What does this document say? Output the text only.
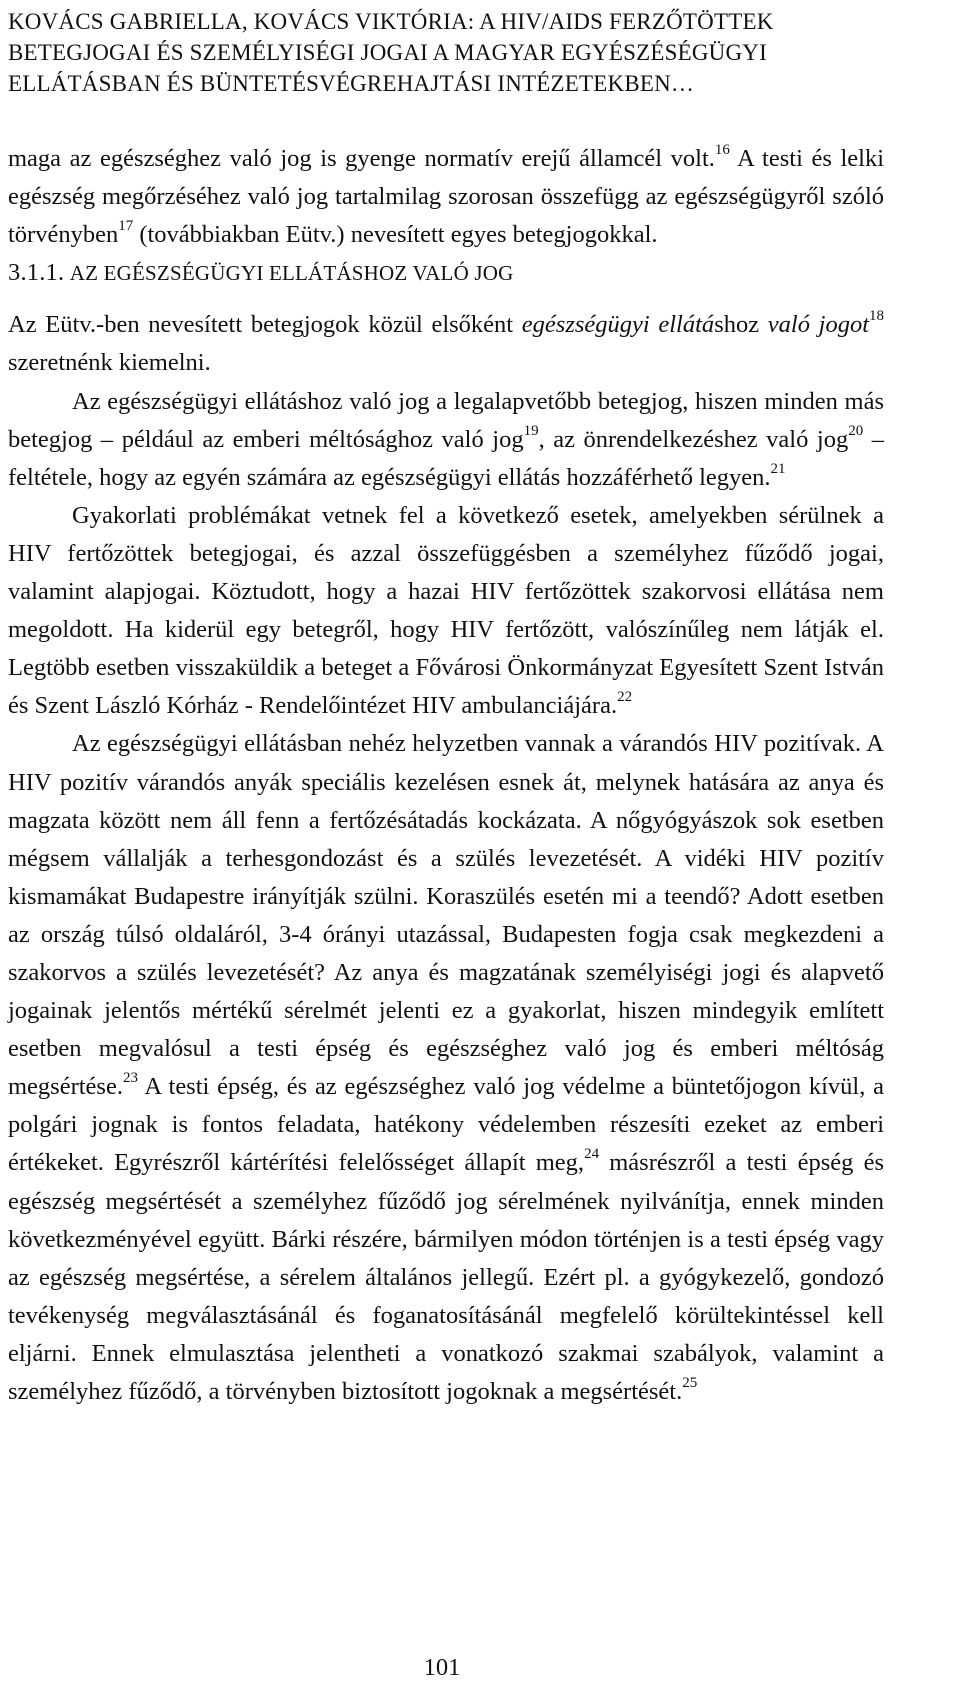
KOVÁCS GABRIELLA, KOVÁCS VIKTÓRIA: A HIV/AIDS FERZŐTÖTTEK
BETEGJOGAI ÉS SZEMÉLYISÉGI JOGAI A MAGYAR EGYÉSZÉSÉGÜGYI
ELLÁTÁSBAN ÉS BÜNTETÉSVÉGREHAJTÁSI INTÉZETEKBEN…

maga az egészséghez való jog is gyenge normatív erejű államcél volt.$^{16}$ A testi és lelki egészség megőrzéséhez való jog tartalmilag szorosan összefügg az egészségügyről szóló törvényben$^{17}$ (továbbiakban Eütv.) nevesített egyes betegjogokkal.

3.1.1. AZ EGÉSZSÉGÜGYI ELLÁTÁSHOZ VALÓ JOG

Az Eütv.-ben nevesített betegjogok közül elsőként egészségügyi ellátáshoz való jogot$^{18}$ szeretnénk kiemelni.

Az egészségügyi ellátáshoz való jog a legalapvetőbb betegjog, hiszen minden más betegjog – például az emberi méltósághoz való jog$^{19}$, az önrendelkezéshez való jog$^{20}$ – feltétele, hogy az egyén számára az egészségügyi ellátás hozzáférhető legyen.$^{21}$

Gyakorlati problémákat vetnek fel a következő esetek, amelyekben sérülnek a HIV fertőzöttek betegjogai, és azzal összefüggésben a személyhez fűződő jogai, valamint alapjogai. Köztudott, hogy a hazai HIV fertőzöttek szakorvosi ellátása nem megoldott. Ha kiderül egy betegről, hogy HIV fertőzött, valószínűleg nem látják el. Legtöbb esetben visszaküldik a beteget a Fővárosi Önkormányzat Egyesített Szent István és Szent László Kórház - Rendelőintézet HIV ambulanciájára.$^{22}$

Az egészségügyi ellátásban nehéz helyzetben vannak a várandós HIV pozitívak. A HIV pozitív várandós anyák speciális kezelésen esnek át, melynek hatására az anya és magzata között nem áll fenn a fertőzésátadás kockázata. A nőgyógyászok sok esetben mégsem vállalják a terhesgondozást és a szülés levezetését. A vidéki HIV pozitív kismamákat Budapestre irányítják szülni. Koraszülés esetén mi a teendő? Adott esetben az ország túlsó oldaláról, 3-4 órányi utazással, Budapesten fogja csak megkezdeni a szakorvos a szülés levezetését? Az anya és magzatának személyiségi jogi és alapvető jogainak jelentős mértékű sérelmét jelenti ez a gyakorlat, hiszen mindegyik említett esetben megvalósul a testi épség és egészséghez való jog és emberi méltóság megsértése.$^{23}$ A testi épség, és az egészséghez való jog védelme a büntetőjogon kívül, a polgári jognak is fontos feladata, hatékony védelemben részesíti ezeket az emberi értékeket. Egyrészről kártérítési felelősséget állapít meg,$^{24}$ másrészről a testi épség és egészség megsértését a személyhez fűződő jog sérelmének nyilvánítja, ennek minden következményével együtt. Bárki részére, bármilyen módon történjen is a testi épség vagy az egészség megsértése, a sérelem általános jellegű. Ezért pl. a gyógykezelő, gondozó tevékenység megválasztásánál és foganatosításánál megfelelő körültekintéssel kell eljárni. Ennek elmulasztása jelentheti a vonatkozó szakmai szabályok, valamint a személyhez fűződő, a törvényben biztosított jogoknak a megsértését.$^{25}$

101
